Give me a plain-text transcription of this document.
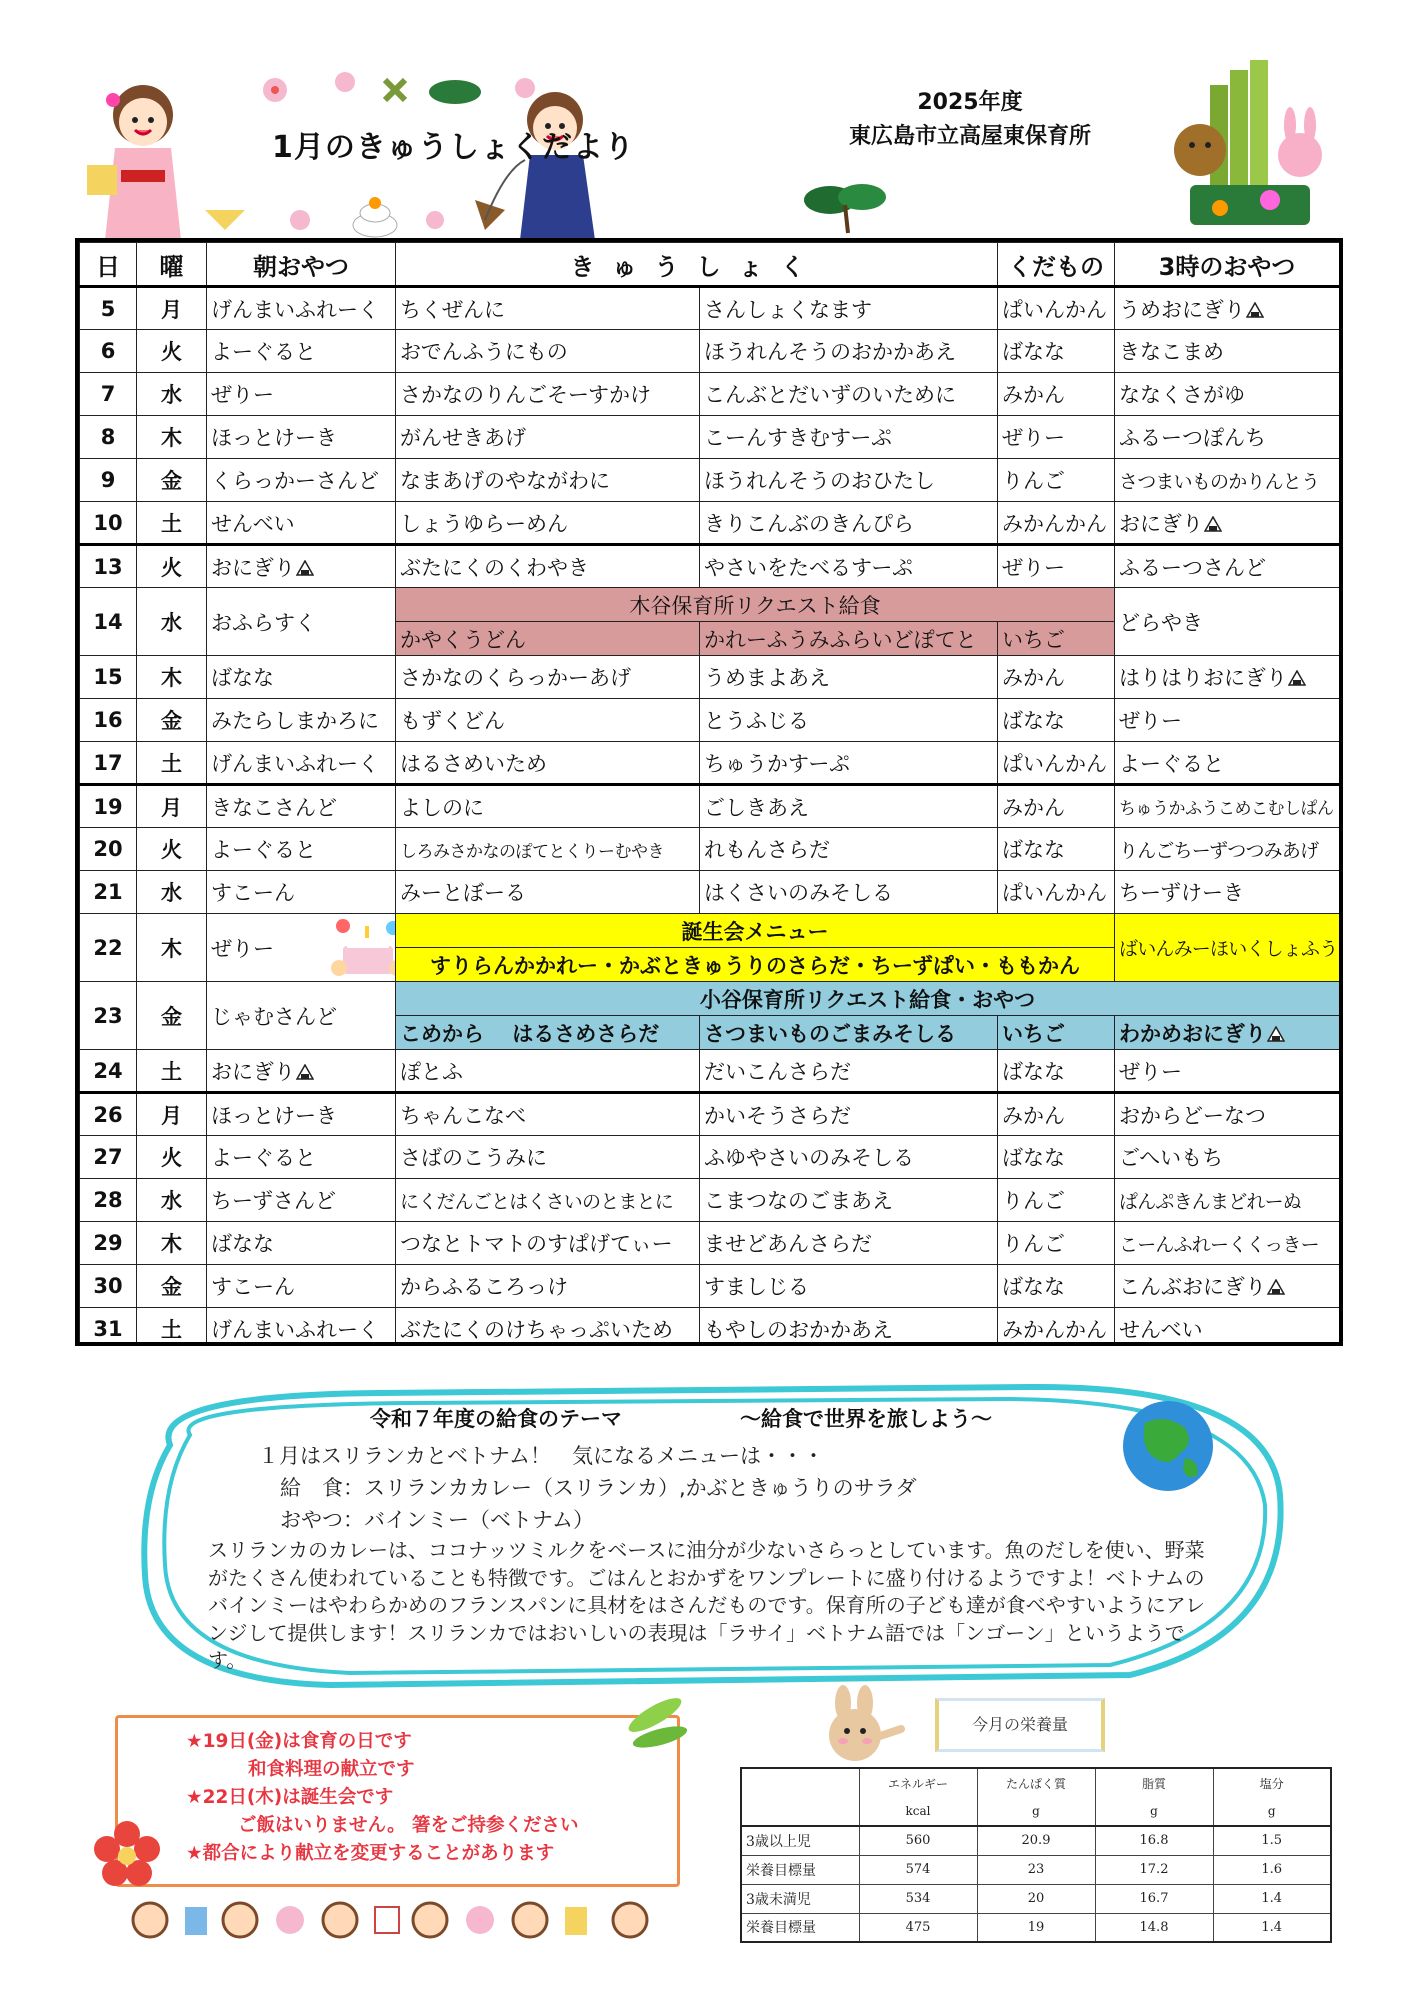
1月のきゅうしょくだより
2025年度
東広島市立高屋東保育所
日	曜	朝おやつ	きゅうしょく		くだもの	3時のおやつ
5	月	げんまいふれーく	ちくぜんに	さんしょくなます	ぱいんかん	うめおにぎり
6	火	よーぐると	おでんふうにもの	ほうれんそうのおかかあえ	ばなな	きなこまめ
7	水	ぜりー	さかなのりんごそーすかけ	こんぶとだいずのいために	みかん	ななくさがゆ
8	木	ほっとけーき	がんせきあげ	こーんすきむすーぷ	ぜりー	ふるーつぽんち
9	金	くらっかーさんど	なまあげのやながわに	ほうれんそうのおひたし	りんご	さつまいものかりんとう
10	土	せんべい	しょうゆらーめん	きりこんぶのきんぴら	みかんかん	おにぎり
13	火	おにぎり	ぶたにくのくわやき	やさいをたべるすーぷ	ぜりー	ふるーつさんど
14	水	おふらすく	木谷保育所リクエスト給食			どらやき
			かやくうどん	かれーふうみふらいどぽてと	いちご	
15	木	ばなな	さかなのくらっかーあげ	うめまよあえ	みかん	はりはりおにぎり
16	金	みたらしまかろに	もずくどん	とうふじる	ばなな	ぜりー
17	土	げんまいふれーく	はるさめいため	ちゅうかすーぷ	ぱいんかん	よーぐると
19	月	きなこさんど	よしのに	ごしきあえ	みかん	ちゅうかふうこめこむしぱん
20	火	よーぐると	しろみさかなのぽてとくりーむやき	れもんさらだ	ばなな	りんごちーずつつみあげ
21	水	すこーん	みーとぼーる	はくさいのみそしる	ぱいんかん	ちーずけーき
22	木	ぜりー	誕生会メニュー			ばいんみーほいくしょふう
			すりらんかかれー・かぶときゅうりのさらだ・ちーずぱい・ももかん			
23	金	じゃむさんど	小谷保育所リクエスト給食・おやつ			
			こめから　 はるさめさらだ	さつまいものごまみそしる	いちご	わかめおにぎり
24	土	おにぎり	ぽとふ	だいこんさらだ	ばなな	ぜりー
26	月	ほっとけーき	ちゃんこなべ	かいそうさらだ	みかん	おからどーなつ
27	火	よーぐると	さばのこうみに	ふゆやさいのみそしる	ばなな	ごへいもち
28	水	ちーずさんど	にくだんごとはくさいのとまとに	こまつなのごまあえ	りんご	ぱんぷきんまどれーぬ
29	木	ばなな	つなとトマトのすぱげてぃー	ませどあんさらだ	りんご	こーんふれーくくっきー
30	金	すこーん	からふるころっけ	すましじる	ばなな	こんぶおにぎり
31	土	げんまいふれーく	ぶたにくのけちゃっぷいため	もやしのおかかあえ	みかんかん	せんべい
令和７年度の給食のテーマ	～給食で世界を旅しよう～
１月はスリランカとベトナム！　気になるメニューは・・・
給　食：スリランカカレー（スリランカ）,かぶときゅうりのサラダ
おやつ：バインミー（ベトナム）
スリランカのカレーは、ココナッツミルクをベースに油分が少ないさらっとしています。魚のだしを使い、野菜がたくさん使われていることも特徴です。ごはんとおかずをワンプレートに盛り付けるようですよ！ベトナムのバインミーはやわらかめのフランスパンに具材をはさんだものです。保育所の子ども達が食べやすいようにアレンジして提供します！スリランカではおいしいの表現は「ラサイ」ベトナム語では「ンゴーン」というようです。
★19日(金)は食育の日です
和食料理の献立です
★22日(木)は誕生会です
ご飯はいりません。 箸をご持参ください
★都合により献立を変更することがあります
今月の栄養量
	エネルギー	たんぱく質	脂質	塩分
	kcal	g	g	g
3歳以上児	560	20.9	16.8	1.5
栄養目標量	574	23	17.2	1.6
3歳未満児	534	20	16.7	1.4
栄養目標量	475	19	14.8	1.4
